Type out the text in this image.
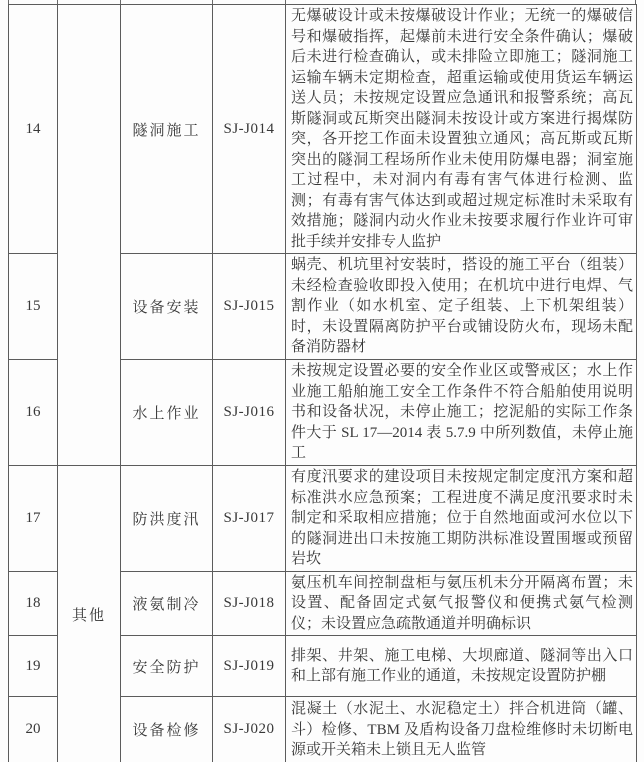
14		隧洞施工	SJ-J014	无爆破设计或未按爆破设计作业；无统一的爆破信号和爆破指挥，起爆前未进行安全条件确认；爆破后未进行检查确认，或未排险立即施工；隧洞施工运输车辆未定期检查，超重运输或使用货运车辆运送人员；未按规定设置应急通讯和报警系统；高瓦斯隧洞或瓦斯突出隧洞未按设计或方案进行揭煤防突，各开挖工作面未设置独立通风；高瓦斯或瓦斯突出的隧洞工程场所作业未使用防爆电器；洞室施工过程中，未对洞内有毒有害气体进行检测、监测；有毒有害气体达到或超过规定标准时未采取有效措施；隧洞内动火作业未按要求履行作业许可审批手续并安排专人监护
15		设备安装	SJ-J015	蜗壳、机坑里衬安装时，搭设的施工平台（组装）未经检查验收即投入使用；在机坑中进行电焊、气割作业（如水机室、定子组装、上下机架组装）时，未设置隔离防护平台或铺设防火布，现场未配备消防器材
16		水上作业	SJ-J016	未按规定设置必要的安全作业区或警戒区；水上作业施工船舶施工安全工作条件不符合船舶使用说明书和设备状况，未停止施工；挖泥船的实际工作条件大于 SL 17—2014 表 5.7.9 中所列数值，未停止施工
17	其他	防洪度汛	SJ-J017	有度汛要求的建设项目未按规定制定度汛方案和超标准洪水应急预案；工程进度不满足度汛要求时未制定和采取相应措施；位于自然地面或河水位以下的隧洞进出口未按施工期防洪标准设置围堰或预留岩坎
18		液氨制冷	SJ-J018	氨压机车间控制盘柜与氨压机未分开隔离布置；未设置、配备固定式氨气报警仪和便携式氨气检测仪；未设置应急疏散通道并明确标识
19		安全防护	SJ-J019	排架、井架、施工电梯、大坝廊道、隧洞等出入口和上部有施工作业的通道，未按规定设置防护棚
20		设备检修	SJ-J020	混凝土（水泥土、水泥稳定土）拌合机进筒（罐、斗）检修、TBM 及盾构设备刀盘检维修时未切断电源或开关箱未上锁且无人监管
